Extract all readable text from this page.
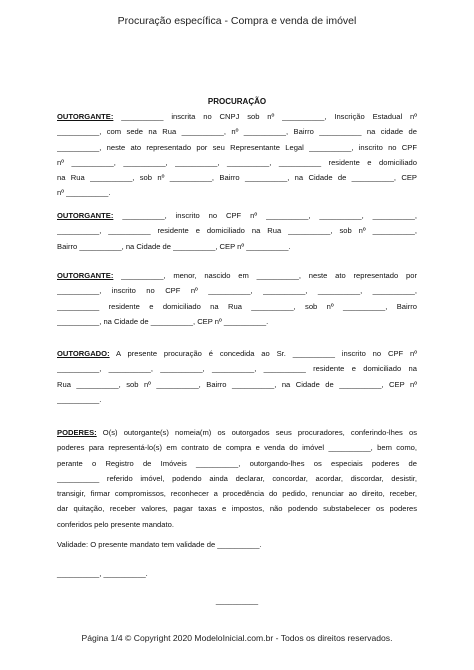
Procuração específica - Compra e venda de imóvel
PROCURAÇÃO
OUTORGANTE: __________ inscrita no CNPJ sob nº __________, Inscrição Estadual nº
__________, com sede na Rua __________, nº __________, Bairro __________ na cidade de
__________, neste ato representado por seu Representante Legal __________, inscrito no CPF
nº __________, __________, __________, __________, __________ residente e domiciliado
na Rua __________, sob nº __________, Bairro __________, na Cidade de __________, CEP
nº __________.
OUTORGANTE: __________, inscrito no CPF nº __________, __________, __________,
__________, __________ residente e domiciliado na Rua __________, sob nº __________,
Bairro __________, na Cidade de __________, CEP nº __________.
OUTORGANTE: __________, menor, nascido em __________, neste ato representado por
__________, inscrito no CPF nº __________, __________, __________, __________,
__________ residente e domiciliado na Rua __________, sob nº __________, Bairro
__________, na Cidade de __________, CEP nº __________.
OUTORGADO: A presente procuração é concedida ao Sr. __________ inscrito no CPF nº
__________, __________, __________, __________, __________ residente e domiciliado na
Rua __________, sob nº __________, Bairro __________, na Cidade de __________, CEP nº
__________.
PODERES: O(s) outorgante(s) nomeia(m) os outorgados seus procuradores, conferindo-lhes os
poderes para representá-lo(s) em contrato de compra e venda do imóvel __________, bem como,
perante o Registro de Imóveis __________, outorgando-lhes os especiais poderes de
__________ referido imóvel, podendo ainda declarar, concordar, acordar, discordar, desistir,
transigir, firmar compromissos, reconhecer a procedência do pedido, renunciar ao direito, receber,
dar quitação, receber valores, pagar taxas e impostos, não podendo substabelecer os poderes
conferidos pelo presente mandato.
Validade: O presente mandato tem validade de __________.
__________, __________.
__________
Página 1/4 © Copyright 2020 ModeloInicial.com.br - Todos os direitos reservados.
